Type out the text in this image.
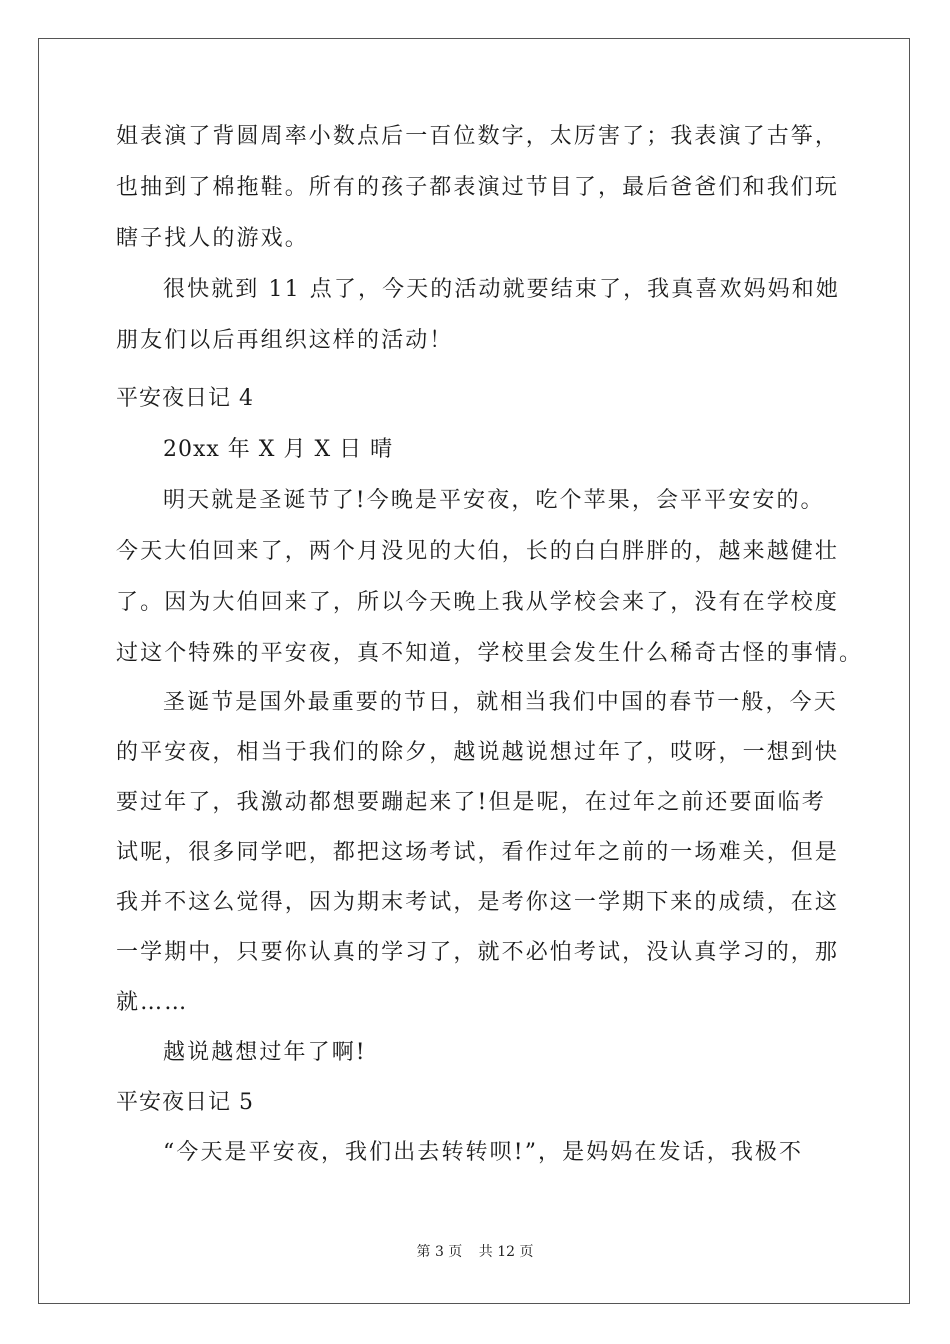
姐表演了背圆周率小数点后一百位数字，太厉害了；我表演了古筝，
也抽到了棉拖鞋。所有的孩子都表演过节目了，最后爸爸们和我们玩
瞎子找人的游戏。
很快就到 11 点了，今天的活动就要结束了，我真喜欢妈妈和她
朋友们以后再组织这样的活动！
平安夜日记 4
20xx 年 X 月 X 日 晴
明天就是圣诞节了!今晚是平安夜，吃个苹果，会平平安安的。
今天大伯回来了，两个月没见的大伯，长的白白胖胖的，越来越健壮
了。因为大伯回来了，所以今天晚上我从学校会来了，没有在学校度
过这个特殊的平安夜，真不知道，学校里会发生什么稀奇古怪的事情。
圣诞节是国外最重要的节日，就相当我们中国的春节一般，今天
的平安夜，相当于我们的除夕，越说越说想过年了，哎呀，一想到快
要过年了，我激动都想要蹦起来了!但是呢，在过年之前还要面临考
试呢，很多同学吧，都把这场考试，看作过年之前的一场难关，但是
我并不这么觉得，因为期末考试，是考你这一学期下来的成绩，在这
一学期中，只要你认真的学习了，就不必怕考试，没认真学习的，那
就……
越说越想过年了啊!
平安夜日记 5
“今天是平安夜，我们出去转转呗!”，是妈妈在发话，我极不
第 3 页 共 12 页
